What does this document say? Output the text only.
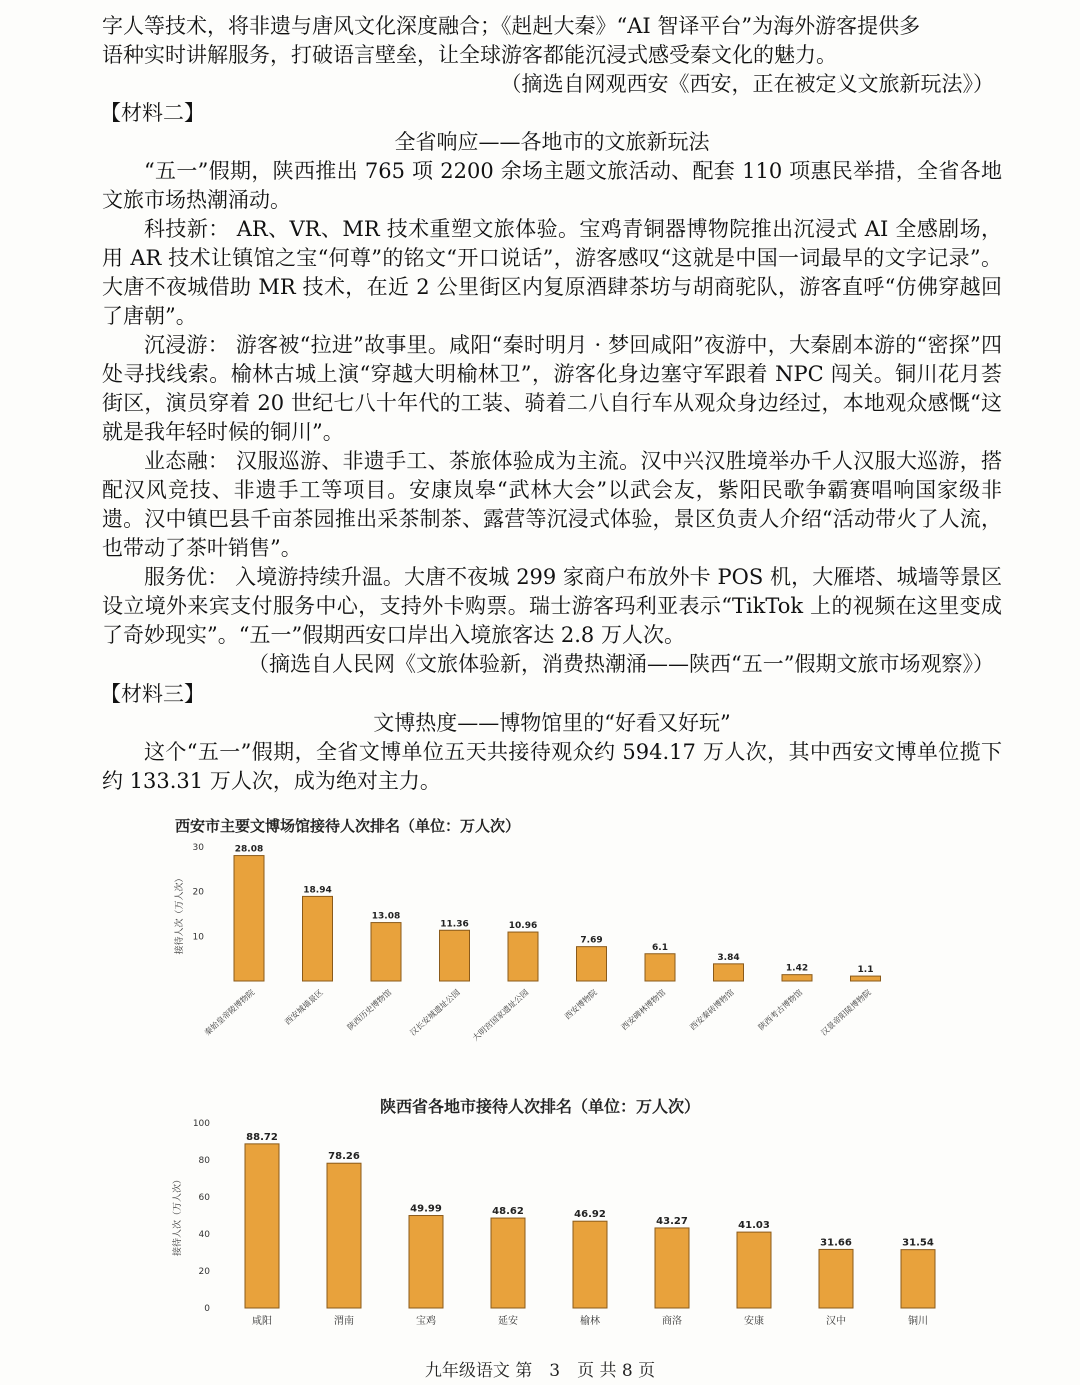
字人等技术，将非遗与唐风文化深度融合；《赳赳大秦》“AI 智译平台”为海外游客提供多

语种实时讲解服务，打破语言壁垒，让全球游客都能沉浸式感受秦文化的魅力。

（摘选自网观西安《西安，正在被定义文旅新玩法》）

【材料二】

全省响应——各地市的文旅新玩法

“五一”假期，陕西推出 765 项 2200 余场主题文旅活动、配套 110 项惠民举措，全省各地文旅市场热潮涌动。

科技新： AR、VR、MR 技术重塑文旅体验。宝鸡青铜器博物院推出沉浸式 AI 全感剧场，用 AR 技术让镇馆之宝“何尊”的铭文“开口说话”，游客感叹“这就是中国一词最早的文字记录”。大唐不夜城借助 MR 技术，在近 2 公里街区内复原酒肆茶坊与胡商驼队，游客直呼“仿佛穿越回了唐朝”。

沉浸游： 游客被“拉进”故事里。咸阳“秦时明月 · 梦回咸阳”夜游中，大秦剧本游的“密探”四处寻找线索。榆林古城上演“穿越大明榆林卫”，游客化身边塞守军跟着 NPC 闯关。铜川花月荟街区，演员穿着 20 世纪七八十年代的工装、骑着二八自行车从观众身边经过，本地观众感慨“这就是我年轻时候的铜川”。

业态融： 汉服巡游、非遗手工、茶旅体验成为主流。汉中兴汉胜境举办千人汉服大巡游，搭配汉风竞技、非遗手工等项目。安康岚皋“武林大会”以武会友，紫阳民歌争霸赛唱响国家级非遗。汉中镇巴县千亩茶园推出采茶制茶、露营等沉浸式体验，景区负责人介绍“活动带火了人流，也带动了茶叶销售”。

服务优： 入境游持续升温。大唐不夜城 299 家商户布放外卡 POS 机，大雁塔、城墙等景区设立境外来宾支付服务中心，支持外卡购票。瑞士游客玛利亚表示“TikTok 上的视频在这里变成了奇妙现实”。“五一”假期西安口岸出入境旅客达 2.8 万人次。

（摘选自人民网《文旅体验新，消费热潮涌——陕西“五一”假期文旅市场观察》）

【材料三】

文博热度——博物馆里的“好看又好玩”

这个“五一”假期，全省文博单位五天共接待观众约 594.17 万人次，其中西安文博单位揽下约 133.31 万人次，成为绝对主力。

西安市主要文博场馆接待人次排名（单位：万人次）
10
20
30
接待人次（万人次）
28.08
秦始皇帝陵博物院
18.94
西安城墙景区
13.08
陕西历史博物馆
11.36
汉长安城遗址公园
10.96
大明宫国家遗址公园
7.69
西安博物院
6.1
西安碑林博物馆
3.84
西安秦砖博物馆
1.42
陕西考古博物馆
1.1
汉景帝阳陵博物院
陕西省各地市接待人次排名（单位：万人次）
0
20
40
60
80
100
接待人次（万人次）
88.72
咸阳
78.26
渭南
49.99
宝鸡
48.62
延安
46.92
榆林
43.27
商洛
41.03
安康
31.66
汉中
31.54
铜川
九年级语文 第　3　页 共 8 页
